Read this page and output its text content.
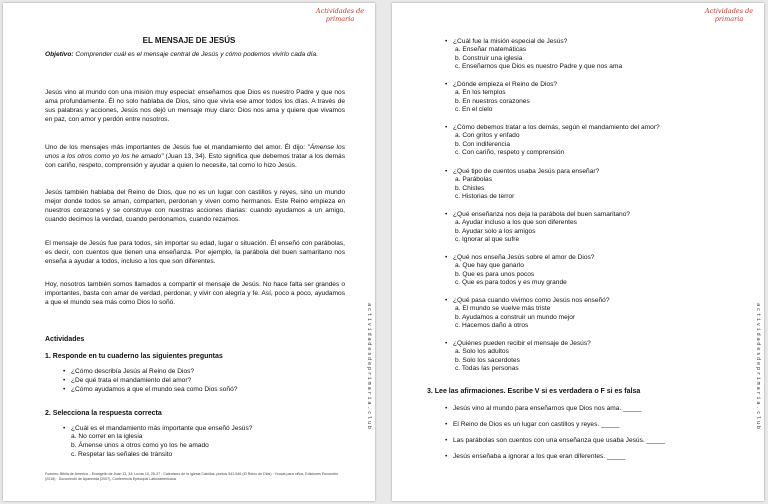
Actividades de primaria
EL MENSAJE DE JESÚS
Objetivo: Comprender cuál es el mensaje central de Jesús y cómo podemos vivirlo cada día.

Jesús vino al mundo con una misión muy especial: enseñarnos que Dios es nuestro Padre y que nos ama profundamente. Él no solo hablaba de Dios, sino que vivía ese amor todos los días. A través de sus palabras y acciones, Jesús nos dejó un mensaje muy claro: Dios nos ama y quiere que vivamos en paz, con amor y perdón entre nosotros.

Uno de los mensajes más importantes de Jesús fue el mandamiento del amor. Él dijo: "Ámense los unos a los otros como yo los he amado" (Juan 13, 34). Esto significa que debemos tratar a los demás con cariño, respeto, comprensión y ayudar a quien lo necesite, tal como lo hizo Jesús.

Jesús también hablaba del Reino de Dios, que no es un lugar con castillos y reyes, sino un mundo mejor donde todos se aman, comparten, perdonan y viven como hermanos. Este Reino empieza en nuestros corazones y se construye con nuestras acciones diarias: cuando ayudamos a un amigo, cuando decimos la verdad, cuando perdonamos, cuando rezamos.

El mensaje de Jesús fue para todos, sin importar su edad, lugar o situación. Él enseñó con parábolas, es decir, con cuentos que tienen una enseñanza. Por ejemplo, la parábola del buen samaritano nos enseña a ayudar a todos, incluso a los que son diferentes.

Hoy, nosotros también somos llamados a compartir el mensaje de Jesús. No hace falta ser grandes o importantes, basta con amar de verdad, perdonar, y vivir con alegría y fe. Así, poco a poco, ayudamos a que el mundo sea más como Dios lo soñó.

Actividades
1. Responde en tu cuaderno las siguientes preguntas
• ¿Cómo describía Jesús al Reino de Dios?
• ¿De qué trata el mandamiento del amor?
• ¿Cómo ayudamos a que el mundo sea como Dios soñó?
2. Selecciona la respuesta correcta
• ¿Cuál es el mandamiento más importante que enseñó Jesús?
a. No correr en la iglesia
b. Ámense unos a otros como yo los he amado
c. Respetar las señales de tránsito
Fuentes: Biblia de América – Evangelio de Juan 13, 34; Lucas 10, 25-37 · Catecismo de la Iglesia Católica, puntos 541-546 (El Reino de Dios) · Youcat para niños, Ediciones Encuentro (2018) · Documento de Aparecida (2007), Conferencia Episcopal Latinoamericana
actividadesdeprimaria.club
Actividades de primaria
• ¿Cuál fue la misión especial de Jesús?
a. Enseñar matemáticas
b. Construir una iglesia
c. Enseñarnos que Dios es nuestro Padre y que nos ama
• ¿Dónde empieza el Reino de Dios?
a. En los templos
b. En nuestros corazones
c. En el cielo
• ¿Cómo debemos tratar a los demás, según el mandamiento del amor?
a. Con gritos y enfado
b. Con indiferencia
c. Con cariño, respeto y comprensión
• ¿Qué tipo de cuentos usaba Jesús para enseñar?
a. Parábolas
b. Chistes
c. Historias de terror
• ¿Qué enseñanza nos deja la parábola del buen samaritano?
a. Ayudar incluso a los que son diferentes
b. Ayudar solo a los amigos
c. Ignorar al que sufre
• ¿Qué nos enseña Jesús sobre el amor de Dios?
a. Que hay que ganarlo
b. Que es para unos pocos
c. Que es para todos y es muy grande
• ¿Qué pasa cuando vivimos como Jesús nos enseñó?
a. El mundo se vuelve más triste
b. Ayudamos a construir un mundo mejor
c. Hacemos daño a otros
• ¿Quiénes pueden recibir el mensaje de Jesús?
a. Solo los adultos
b. Solo los sacerdotes
c. Todas las personas
3. Lee las afirmaciones. Escribe V si es verdadera o F si es falsa
• Jesús vino al mundo para enseñarnos que Dios nos ama. _____
• El Reino de Dios es un lugar con castillos y reyes. _____
• Las parábolas son cuentos con una enseñanza que usaba Jesús. _____
• Jesús enseñaba a ignorar a los que eran diferentes. _____
actividadesdeprimaria.club
